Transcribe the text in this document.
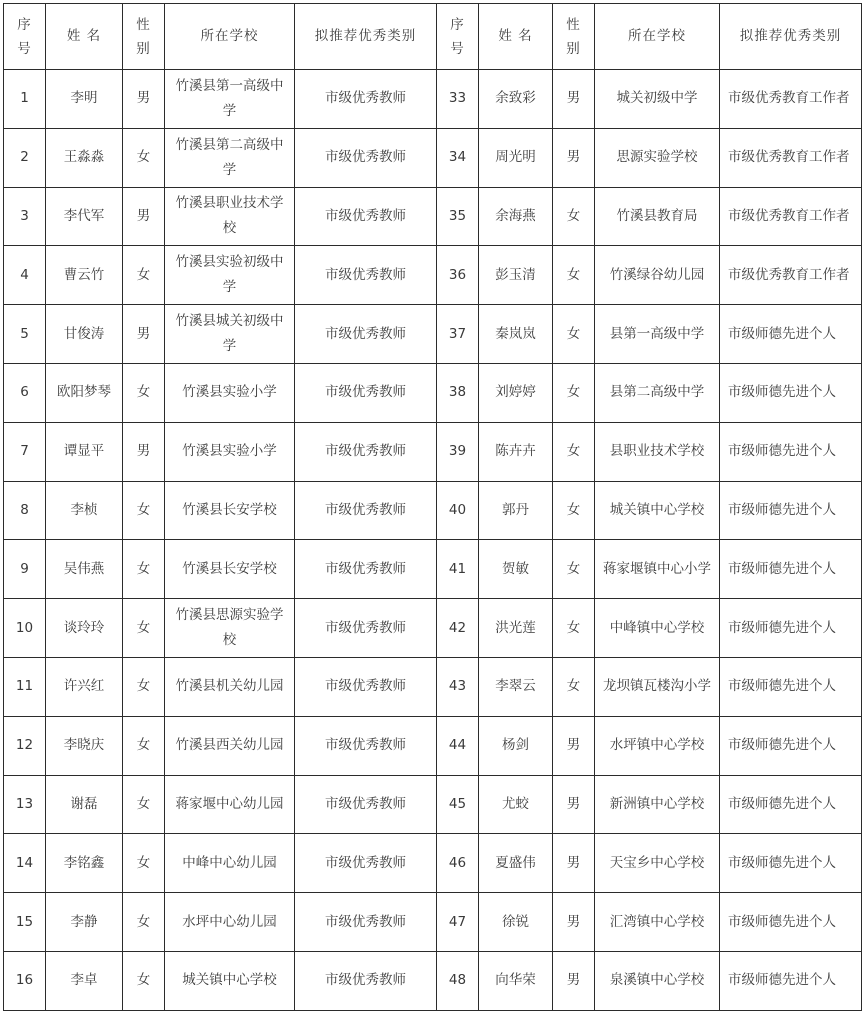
序号	姓 名	性别	所在学校	拟推荐优秀类别	序号	姓 名	性别	所在学校	拟推荐优秀类别
1	李明	男	竹溪县第一高级中学	市级优秀教师	33	余致彩	男	城关初级中学	市级优秀教育工作者
2	王淼淼	女	竹溪县第二高级中学	市级优秀教师	34	周光明	男	思源实验学校	市级优秀教育工作者
3	李代军	男	竹溪县职业技术学校	市级优秀教师	35	余海燕	女	竹溪县教育局	市级优秀教育工作者
4	曹云竹	女	竹溪县实验初级中学	市级优秀教师	36	彭玉清	女	竹溪绿谷幼儿园	市级优秀教育工作者
5	甘俊涛	男	竹溪县城关初级中学	市级优秀教师	37	秦岚岚	女	县第一高级中学	市级师德先进个人
6	欧阳梦琴	女	竹溪县实验小学	市级优秀教师	38	刘婷婷	女	县第二高级中学	市级师德先进个人
7	谭显平	男	竹溪县实验小学	市级优秀教师	39	陈卉卉	女	县职业技术学校	市级师德先进个人
8	李桢	女	竹溪县长安学校	市级优秀教师	40	郭丹	女	城关镇中心学校	市级师德先进个人
9	吴伟燕	女	竹溪县长安学校	市级优秀教师	41	贺敏	女	蒋家堰镇中心小学	市级师德先进个人
10	谈玲玲	女	竹溪县思源实验学校	市级优秀教师	42	洪光莲	女	中峰镇中心学校	市级师德先进个人
11	许兴红	女	竹溪县机关幼儿园	市级优秀教师	43	李翠云	女	龙坝镇瓦楼沟小学	市级师德先进个人
12	李晓庆	女	竹溪县西关幼儿园	市级优秀教师	44	杨剑	男	水坪镇中心学校	市级师德先进个人
13	谢磊	女	蒋家堰中心幼儿园	市级优秀教师	45	尤蛟	男	新洲镇中心学校	市级师德先进个人
14	李铭鑫	女	中峰中心幼儿园	市级优秀教师	46	夏盛伟	男	天宝乡中心学校	市级师德先进个人
15	李静	女	水坪中心幼儿园	市级优秀教师	47	徐锐	男	汇湾镇中心学校	市级师德先进个人
16	李卓	女	城关镇中心学校	市级优秀教师	48	向华荣	男	泉溪镇中心学校	市级师德先进个人
